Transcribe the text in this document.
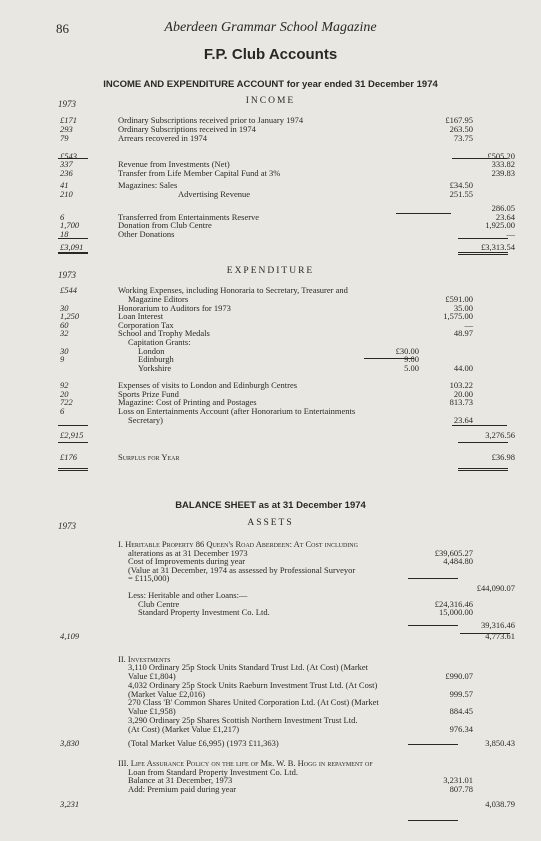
86	Aberdeen Grammar School Magazine
F.P. Club Accounts
INCOME AND EXPENDITURE ACCOUNT for year ended 31 December 1974
INCOME
1973
£171	Ordinary Subscriptions received prior to January 1974	£167.95
293	Ordinary Subscriptions received in 1974	263.50
79	Arrears recovered in 1974	73.75
£543	£505.20
337	Revenue from Investments (Net)	333.82
236	Transfer from Life Member Capital Fund at 3%	239.83
41	Magazines: Sales	£34.50
210	Advertising Revenue	251.55
286.05
6	Transferred from Entertainments Reserve	23.64
1,700	Donation from Club Centre	1,925.00
18	Other Donations	—
£3,091	£3,313.54
EXPENDITURE
1973
£544	Working Expenses, including Honoraria to Secretary, Treasurer and
Magazine Editors	£591.00
30	Honorarium to Auditors for 1973	35.00
1,250	Loan Interest	1,575.00
60	Corporation Tax	—
32	School and Trophy Medals	48.97
Capitation Grants:
30	London	£30.00
9	Edinburgh	9.00
Yorkshire	5.00	44.00
92	Expenses of visits to London and Edinburgh Centres	103.22
20	Sports Prize Fund	20.00
722	Magazine: Cost of Printing and Postages	813.73
6	Loss on Entertainments Account (after Honorarium to Entertainments
Secretary)	23.64
£2,915	3,276.56
£176	Surplus for Year	£36.98
BALANCE SHEET as at 31 December 1974
ASSETS
1973
I. Heritable Property 86 Queen's Road Aberdeen: At Cost including
alterations as at 31 December 1973	£39,605.27
Cost of Improvements during year	4,484.80
(Value at 31 December, 1974 as assessed by Professional Surveyor
= £115,000)
£44,090.07
Less: Heritable and other Loans:—
Club Centre	£24,316.46
Standard Property Investment Co. Ltd.	15,000.00
39,316.46
4,109	4,773.61
II. Investments
3,110 Ordinary 25p Stock Units Standard Trust Ltd. (At Cost) (Market
Value £1,804)	£990.07
4,032 Ordinary 25p Stock Units Raeburn Investment Trust Ltd. (At Cost)
(Market Value £2,016)	999.57
270 Class 'B' Common Shares United Corporation Ltd. (At Cost) (Market
Value £1,958)	884.45
3,290 Ordinary 25p Shares Scottish Northern Investment Trust Ltd.
(At Cost) (Market Value £1,217)	976.34
3,830	(Total Market Value £6,995) (1973 £11,363)	3,850.43
III. Life Assurance Policy on the life of Mr. W. B. Hogg in repayment of
Loan from Standard Property Investment Co. Ltd.
Balance at 31 December, 1973	3,231.01
Add: Premium paid during year	807.78
3,231	4,038.79
